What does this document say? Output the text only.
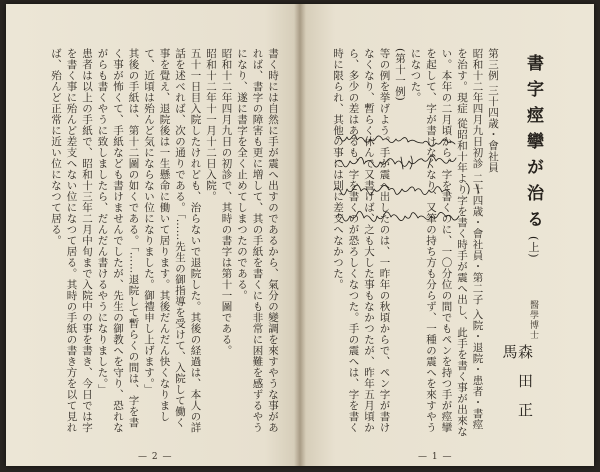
書く時には自然に手が震へ出すのであるから、氣分の變調を來すやうな事があれば、書字の障害も更に増して、其の手紙を書くにも非常に困難を感ずるやうになり、遂に書字を全く止めてしまつたのである。

昭和十二年四月九日の初診で、其時の書字は第十一圖である。

昭和十二年十一月十二日入院。

五十一日目入院したけれども、治らないで退院した。其後の経過は、本人の詳話を述べれば、次の通りである。「……先生の御指導を受けて、入院して働く事を覺え、退院後は一生懸命に働いて居ります。其後だんだん快くなりまして、近頃は殆んど気にならない位になりました。御禮申し上げます。」

其後の手紙は、第十二圖の如くである。「……退院して暫らくの間は、字を書く事が怖くて、手紙なども書けませんでしたが、先生の御教へを守り、恐れながらも書くやうに致しましたら、だんだん書けるやうになりました。」

患者は以上の手紙で、昭和十三年二月中旬まで入院中の事を書き、今日では字を書く事に殆んど差支へない位になつて居る。其時の手紙の書き方を以て見れば、殆んど正常に近い位になつて居る。	第三例 三十四歳・會社員

昭和十二年四月九日初診 二十四歳・會社員・第二子 入院・退院・患者・書痙を治す。現症 從昭和十年より字を書く時手が震へ出し、此手を書く事が出來ない。本年の二月頃から、字を書くのに、一〇分位の間でもペンを持つ手が痙攣を起して、字が書けなくなり、又筆の持ち方も分らず、一種の震へを來すやうになつた。

(第十一例)

等の例を挙げよう。手が震へ出したのは、一昨年の秋頃からで、ペン字が書けなくなり、暫らく休んで又書けば、之も大した事もなかつたが、昨年五月頃から、多少の差はあるも、字を書くのが恐ろしくなつた。手の震へは、字を書く時に限られ、其他の事には別に差支へなかつた。	書字痙攣が治る(上)
醫學博士
森田正馬
— 2 —	— 1 —
